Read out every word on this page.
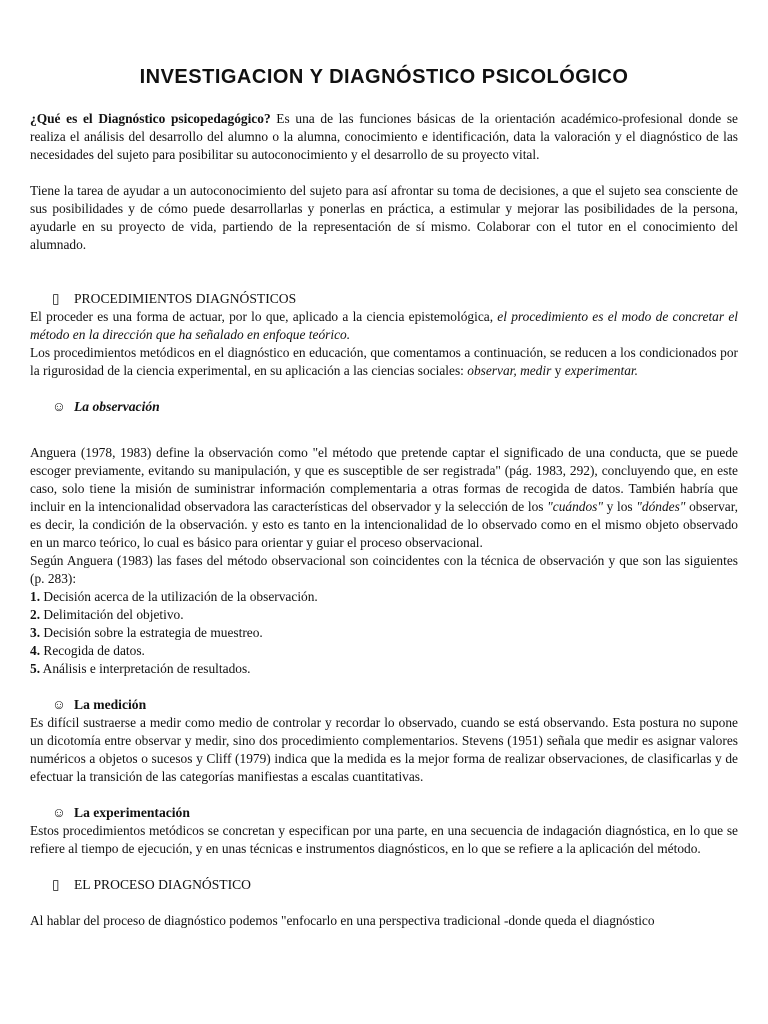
INVESTIGACION Y DIAGNÓSTICO PSICOLÓGICO

¿Qué es el Diagnóstico psicopedagógico? Es una de las funciones básicas de la orientación académico-profesional donde se realiza el análisis del desarrollo del alumno o la alumna, conocimiento e identificación, data la valoración y el diagnóstico de las necesidades del sujeto para posibilitar su autoconocimiento y el desarrollo de su proyecto vital.

Tiene la tarea de ayudar a un autoconocimiento del sujeto para así afrontar su toma de decisiones, a que el sujeto sea consciente de sus posibilidades y de cómo puede desarrollarlas y ponerlas en práctica, a estimular y mejorar las posibilidades de la persona, ayudarle en su proyecto de vida, partiendo de la representación de sí mismo. Colaborar con el tutor en el conocimiento del alumnado.

▯ PROCEDIMIENTOS DIAGNÓSTICOS

El proceder es una forma de actuar, por lo que, aplicado a la ciencia epistemológica, el procedimiento es el modo de concretar el método en la dirección que ha señalado en enfoque teórico.

Los procedimientos metódicos en el diagnóstico en educación, que comentamos a continuación, se reducen a los condicionados por la rigurosidad de la ciencia experimental, en su aplicación a las ciencias sociales: observar, medir y experimentar.

☺ La observación

Anguera (1978, 1983) define la observación como "el método que pretende captar el significado de una conducta, que se puede escoger previamente, evitando su manipulación, y que es susceptible de ser registrada" (pág. 1983, 292), concluyendo que, en este caso, solo tiene la misión de suministrar información complementaria a otras formas de recogida de datos. También habría que incluir en la intencionalidad observadora las características del observador y la selección de los "cuándos" y los "dóndes" observar, es decir, la condición de la observación. y esto es tanto en la intencionalidad de lo observado como en el mismo objeto observado en un marco teórico, lo cual es básico para orientar y guiar el proceso observacional.

Según Anguera (1983) las fases del método observacional son coincidentes con la técnica de observación y que son las siguientes (p. 283):

1. Decisión acerca de la utilización de la observación.

2. Delimitación del objetivo.

3. Decisión sobre la estrategia de muestreo.

4. Recogida de datos.

5. Análisis e interpretación de resultados.

☺ La medición

Es difícil sustraerse a medir como medio de controlar y recordar lo observado, cuando se está observando. Esta postura no supone un dicotomía entre observar y medir, sino dos procedimiento complementarios. Stevens (1951) señala que medir es asignar valores numéricos a objetos o sucesos y Cliff (1979) indica que la medida es la mejor forma de realizar observaciones, de clasificarlas y de efectuar la transición de las categorías manifiestas a escalas cuantitativas.

☺ La experimentación

Estos procedimientos metódicos se concretan y especifican por una parte, en una secuencia de indagación diagnóstica, en lo que se refiere al tiempo de ejecución, y en unas técnicas e instrumentos diagnósticos, en lo que se refiere a la aplicación del método.

▯ EL PROCESO DIAGNÓSTICO

Al hablar del proceso de diagnóstico podemos "enfocarlo en una perspectiva tradicional -donde queda el diagnóstico
